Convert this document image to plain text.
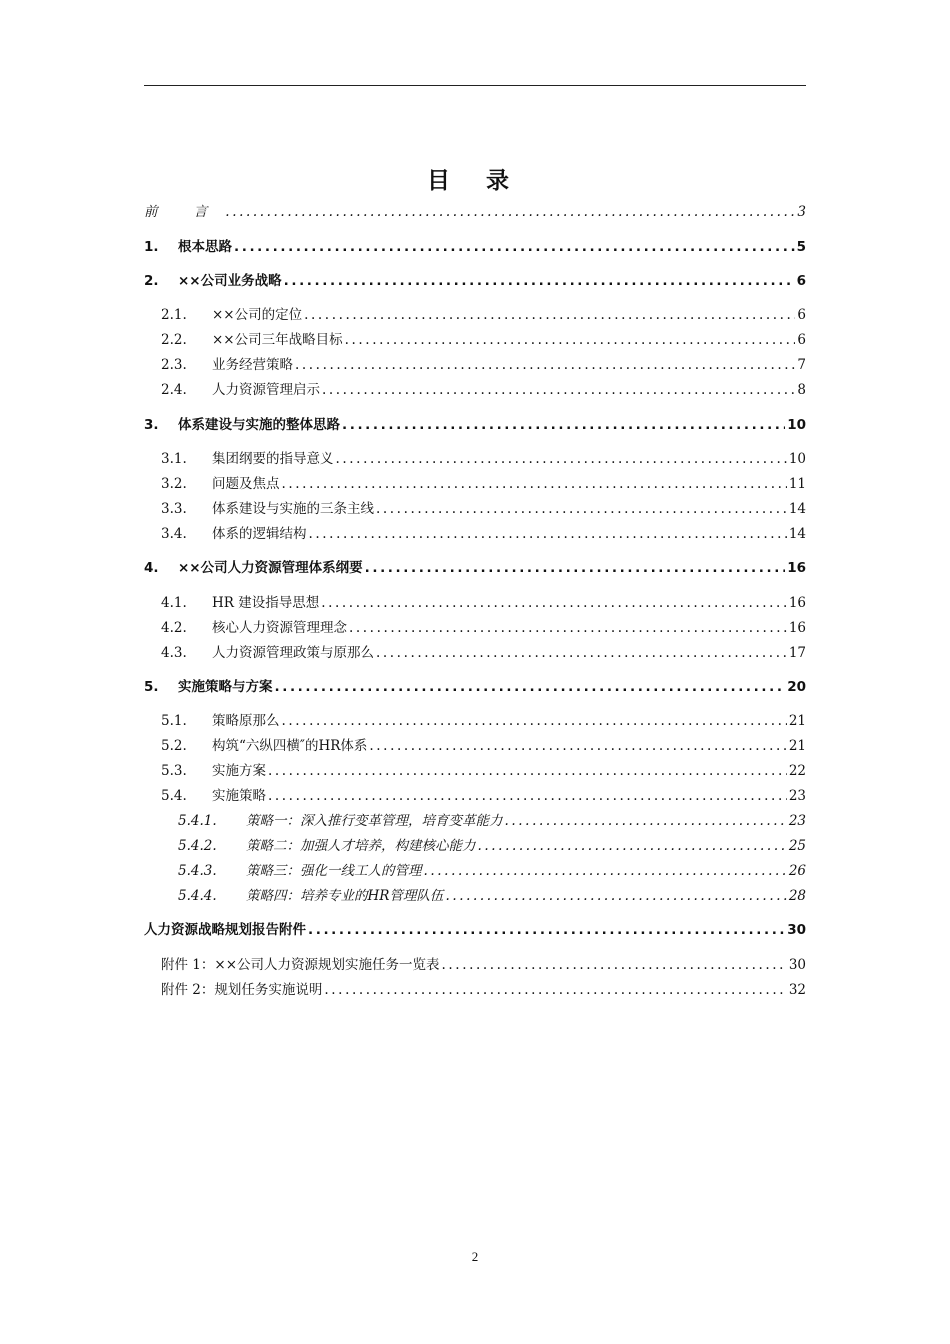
目 录
前 言 .....	3
1.	根本思路 .....	5
2.	××公司业务战略 .....	6
2.1.	××公司的定位 .....	6
2.2.	××公司三年战略目标 .....	6
2.3.	业务经营策略 .....	7
2.4.	人力资源管理启示 .....	8
3.	体系建设与实施的整体思路 .....	10
3.1.	集团纲要的指导意义 .....	10
3.2.	问题及焦点 .....	11
3.3.	体系建设与实施的三条主线 .....	14
3.4.	体系的逻辑结构 .....	14
4.	××公司人力资源管理体系纲要 .....	16
4.1.	HR 建设指导思想 .....	16
4.2.	核心人力资源管理理念 .....	16
4.3.	人力资源管理政策与原那么 .....	17
5.	实施策略与方案 .....	20
5.1.	策略原那么 .....	21
5.2.	构筑“六纵四横″的HR体系 .....	21
5.3.	实施方案 .....	22
5.4.	实施策略 .....	23
5.4.1.	策略一：深入推行变革管理，培育变革能力 .....	23
5.4.2.	策略二：加强人才培养，构建核心能力 .....	25
5.4.3.	策略三：强化一线工人的管理 .....	26
5.4.4.	策略四：培养专业的HR管理队伍 .....	28
人力资源战略规划报告附件 .....	30
附件 1：××公司人力资源规划实施任务一览表 .....	30
附件 2：规划任务实施说明 .....	32
2
